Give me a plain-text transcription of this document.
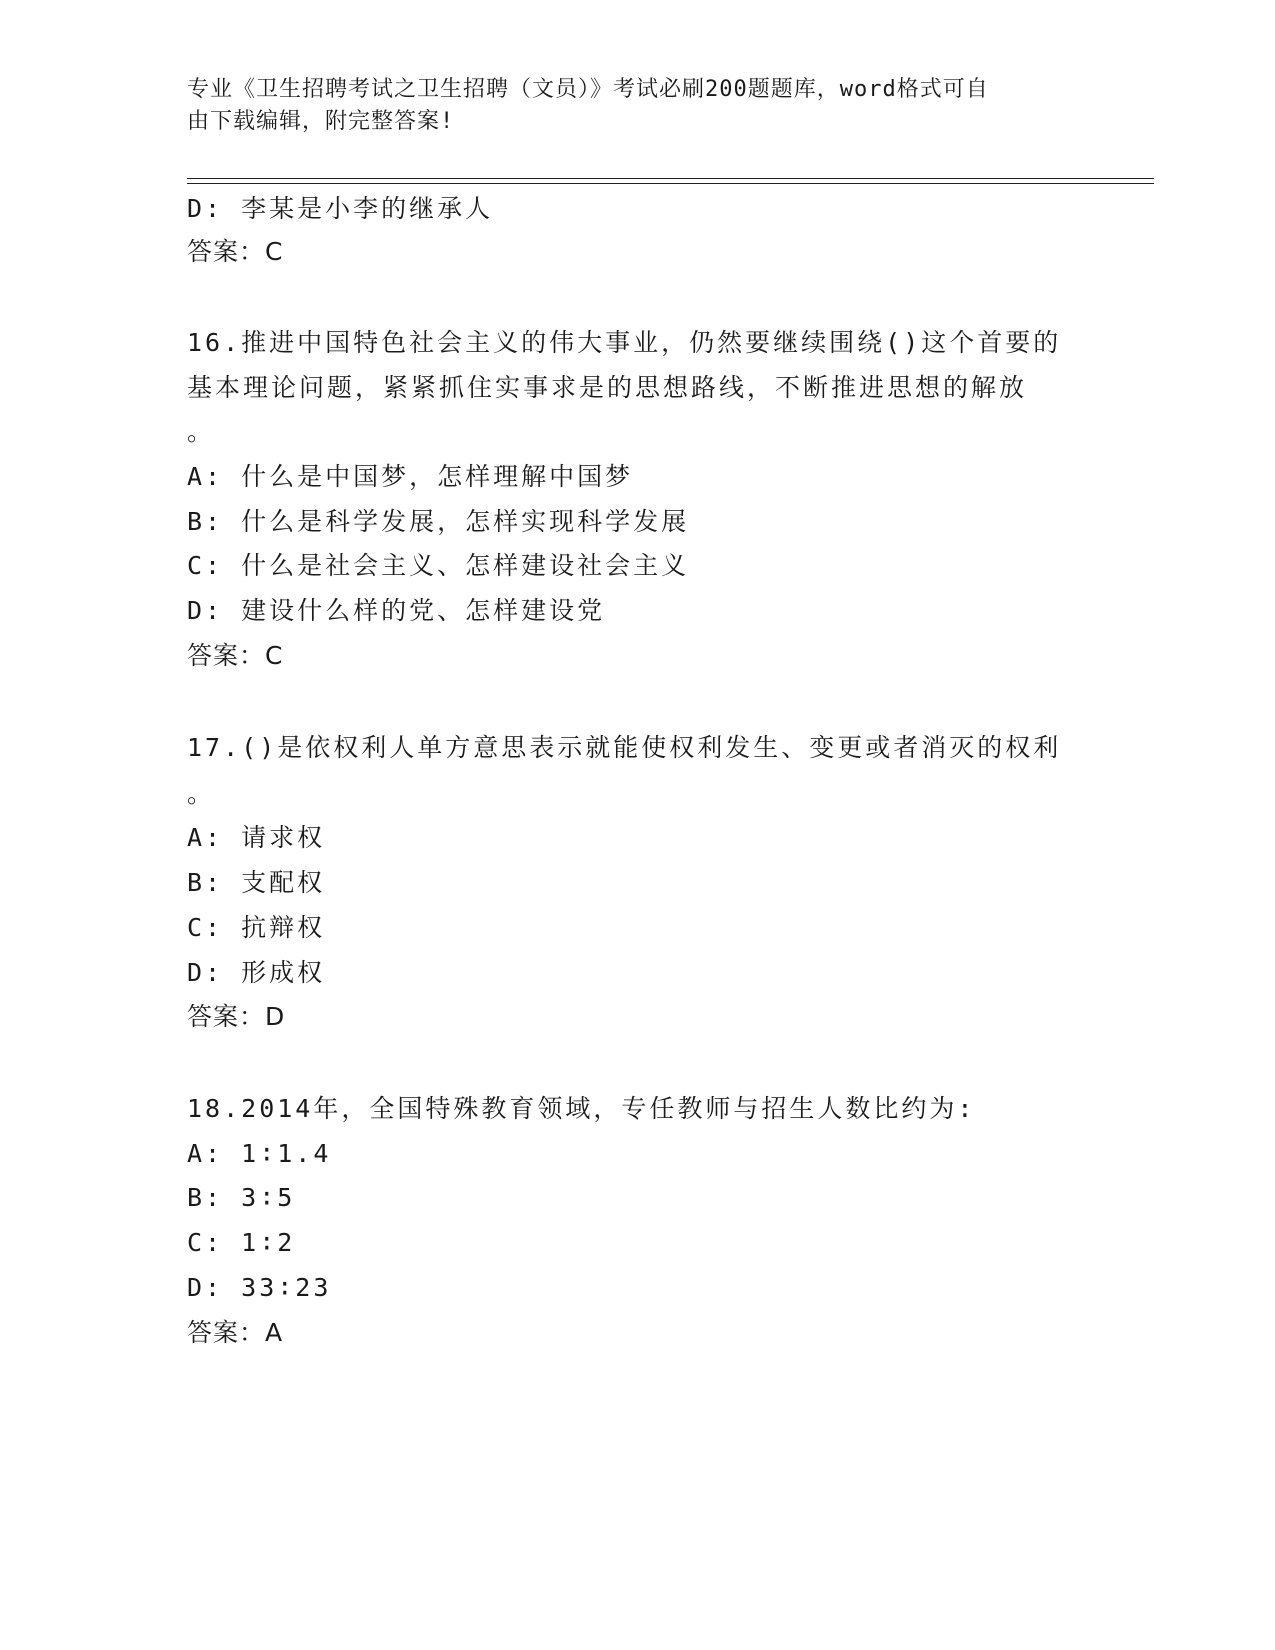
专业《卫生招聘考试之卫生招聘（文员）》考试必刷200题题库，word格式可自
由下载编辑，附完整答案!
D: 李某是小李的继承人
答案：C
16.推进中国特色社会主义的伟大事业，仍然要继续围绕()这个首要的
基本理论问题，紧紧抓住实事求是的思想路线，不断推进思想的解放
。
A: 什么是中国梦，怎样理解中国梦
B: 什么是科学发展，怎样实现科学发展
C: 什么是社会主义、怎样建设社会主义
D: 建设什么样的党、怎样建设党
答案：C
17.()是依权利人单方意思表示就能使权利发生、变更或者消灭的权利
。
A: 请求权
B: 支配权
C: 抗辩权
D: 形成权
答案：D
18.2014年，全国特殊教育领域，专任教师与招生人数比约为:
A: 1∶1.4
B: 3∶5
C: 1∶2
D: 33∶23
答案：A
